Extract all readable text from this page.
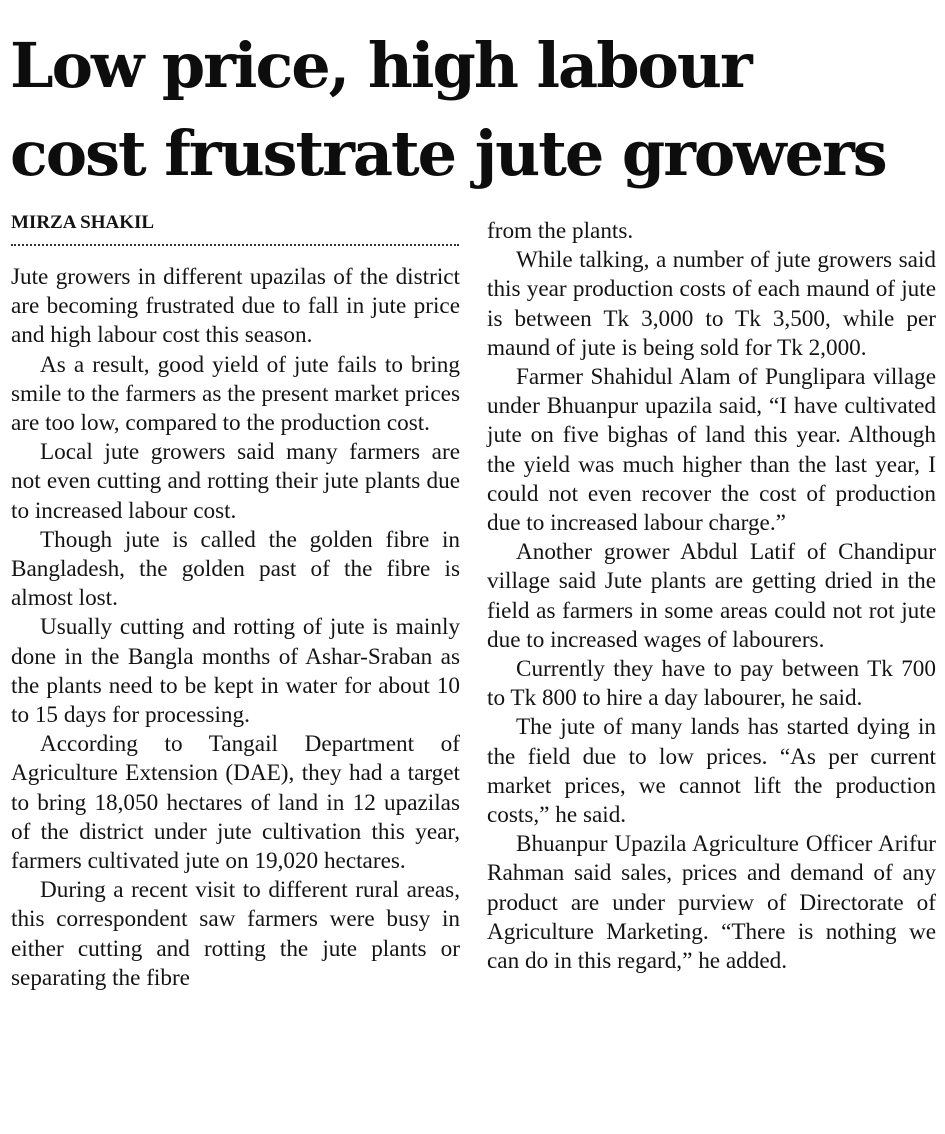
Low price, high labour
cost frustrate jute growers
MIRZA SHAKIL

Jute growers in different upazilas of the district are becoming frustrated due to fall in jute price and high labour cost this season.

As a result, good yield of jute fails to bring smile to the farmers as the present market prices are too low, compared to the production cost.

Local jute growers said many farmers are not even cutting and rotting their jute plants due to increased labour cost.

Though jute is called the golden fibre in Bangladesh, the golden past of the fibre is almost lost.

Usually cutting and rotting of jute is mainly done in the Bangla months of Ashar-Sraban as the plants need to be kept in water for about 10 to 15 days for processing.

According to Tangail Department of Agriculture Extension (DAE), they had a target to bring 18,050 hectares of land in 12 upazilas of the district under jute cultivation this year, farmers cultivated jute on 19,020 hectares.

During a recent visit to different rural areas, this correspondent saw farmers were busy in either cutting and rotting the jute plants or separating the fibre

from the plants.

While talking, a number of jute growers said this year production costs of each maund of jute is between Tk 3,000 to Tk 3,500, while per maund of jute is being sold for Tk 2,000.

Farmer Shahidul Alam of Punglipara village under Bhuanpur upazila said, “I have cultivated jute on five bighas of land this year. Although the yield was much higher than the last year, I could not even recover the cost of production due to increased labour charge.”

Another grower Abdul Latif of Chandipur village said Jute plants are getting dried in the field as farmers in some areas could not rot jute due to increased wages of labourers.

Currently they have to pay between Tk 700 to Tk 800 to hire a day labourer, he said.

The jute of many lands has started dying in the field due to low prices. “As per current market prices, we cannot lift the production costs,” he said.

Bhuanpur Upazila Agriculture Officer Arifur Rahman said sales, prices and demand of any product are under purview of Directorate of Agriculture Marketing. “There is nothing we can do in this regard,” he added.
